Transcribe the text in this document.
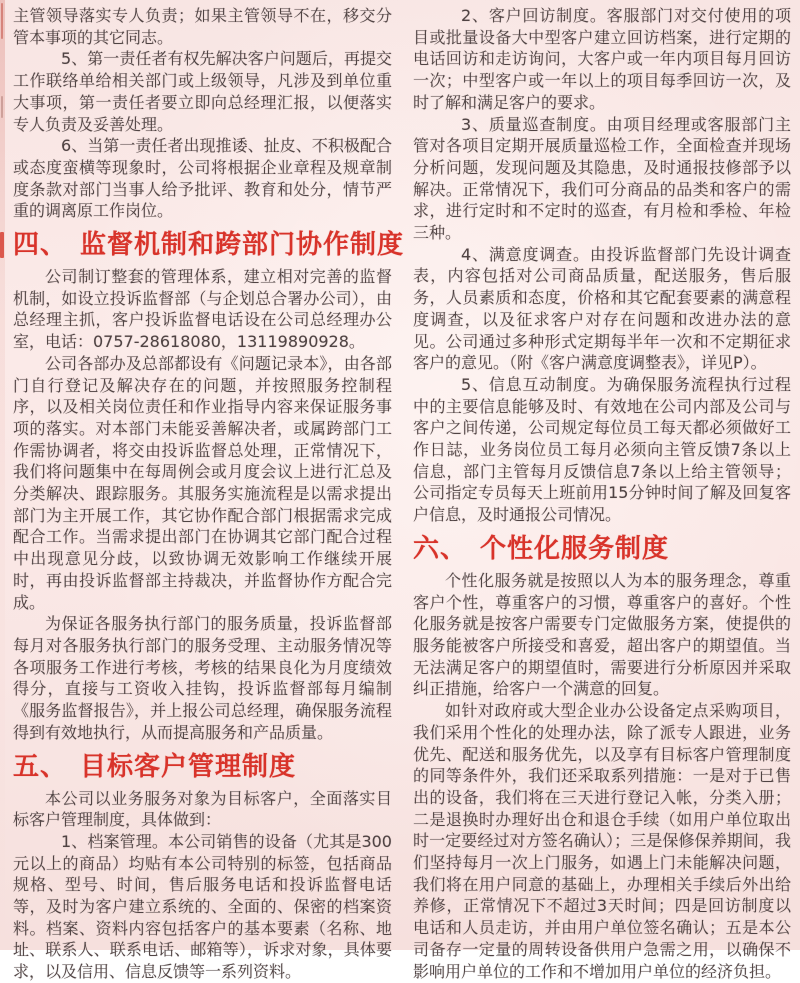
主管领导落实专人负责；如果主管领导不在，移交分管本事项的其它同志。

5、第一责任者有权先解决客户问题后，再提交工作联络单给相关部门或上级领导，凡涉及到单位重大事项，第一责任者要立即向总经理汇报，以便落实专人负责及妥善处理。

6、当第一责任者出现推诿、扯皮、不积极配合或态度蛮横等现象时，公司将根据企业章程及规章制度条款对部门当事人给予批评、教育和处分，情节严重的调离原工作岗位。

四、 监督机制和跨部门协作制度

公司制订整套的管理体系，建立相对完善的监督机制，如设立投诉监督部（与企划总合署办公司），由总经理主抓，客户投诉监督电话设在公司总经理办公室，电话：0757-28618080，13119890928。

公司各部办及总部都设有《问题记录本》，由各部门自行登记及解决存在的问题，并按照服务控制程序，以及相关岗位责任和作业指导内容来保证服务事项的落实。对本部门未能妥善解决者，或属跨部门工作需协调者，将交由投诉监督总处理，正常情况下，我们将问题集中在每周例会或月度会议上进行汇总及分类解决、跟踪服务。其服务实施流程是以需求提出部门为主开展工作，其它协作配合部门根据需求完成配合工作。当需求提出部门在协调其它部门配合过程中出现意见分歧，以致协调无效影响工作继续开展时，再由投诉监督部主持裁决，并监督协作方配合完成。

为保证各服务执行部门的服务质量，投诉监督部每月对各服务执行部门的服务受理、主动服务情况等各项服务工作进行考核，考核的结果良化为月度绩效得分，直接与工资收入挂钩，投诉监督部每月编制《服务监督报告》，并上报公司总经理，确保服务流程得到有效地执行，从而提高服务和产品质量。

五、 目标客户管理制度

本公司以业务服务对象为目标客户，全面落实目标客户管理制度，具体做到：

1、档案管理。本公司销售的设备（尤其是300元以上的商品）均贴有本公司特别的标签，包括商品规格、型号、时间，售后服务电话和投诉监督电话等，及时为客户建立系统的、全面的、保密的档案资料。档案、资料内容包括客户的基本要素（名称、地址、联系人、联系电话、邮箱等），诉求对象，具体要求，以及信用、信息反馈等一系列资料。

2、客户回访制度。客服部门对交付使用的项目或批量设备大中型客户建立回访档案，进行定期的电话回访和走访询问，大客户或一年内项目每月回访一次；中型客户或一年以上的项目每季回访一次，及时了解和满足客户的要求。

3、质量巡查制度。由项目经理或客服部门主管对各项目定期开展质量巡检工作，全面检查并现场分析问题，发现问题及其隐患，及时通报技修部予以解决。正常情况下，我们可分商品的品类和客户的需求，进行定时和不定时的巡查，有月检和季检、年检三种。

4、满意度调查。由投诉监督部门先设计调查表，内容包括对公司商品质量，配送服务，售后服务，人员素质和态度，价格和其它配套要素的满意程度调查，以及征求客户对存在问题和改进办法的意见。公司通过多种形式定期每半年一次和不定期征求客户的意见。（附《客户满意度调整表》，详见P）。

5、信息互动制度。为确保服务流程执行过程中的主要信息能够及时、有效地在公司内部及公司与客户之间传递，公司规定每位员工每天都必须做好工作日誌，业务岗位员工每月必须向主管反馈7条以上信息，部门主管每月反馈信息7条以上给主管领导；公司指定专员每天上班前用15分钟时间了解及回复客户信息，及时通报公司情况。

六、 个性化服务制度

个性化服务就是按照以人为本的服务理念，尊重客户个性，尊重客户的习惯，尊重客户的喜好。个性化服务就是按客户需要专门定做服务方案，使提供的服务能被客户所接受和喜爱，超出客户的期望值。当无法满足客户的期望值时，需要进行分析原因并采取纠正措施，给客户一个满意的回复。

如针对政府或大型企业办公设备定点采购项目，我们采用个性化的处理办法，除了派专人跟进，业务优先、配送和服务优先，以及享有目标客户管理制度的同等条件外，我们还采取系列措施：一是对于已售出的设备，我们将在三天进行登记入帐，分类入册；二是退换时办理好出仓和退仓手续（如用户单位取出时一定要经过对方签名确认）；三是保修保养期间，我们坚持每月一次上门服务，如遇上门未能解决问题，我们将在用户同意的基础上，办理相关手续后外出给养修，正常情况下不超过3天时间；四是回访制度以电话和人员走访，并由用户单位签名确认；五是本公司备存一定量的周转设备供用户急需之用，以确保不影响用户单位的工作和不增加用户单位的经济负担。
